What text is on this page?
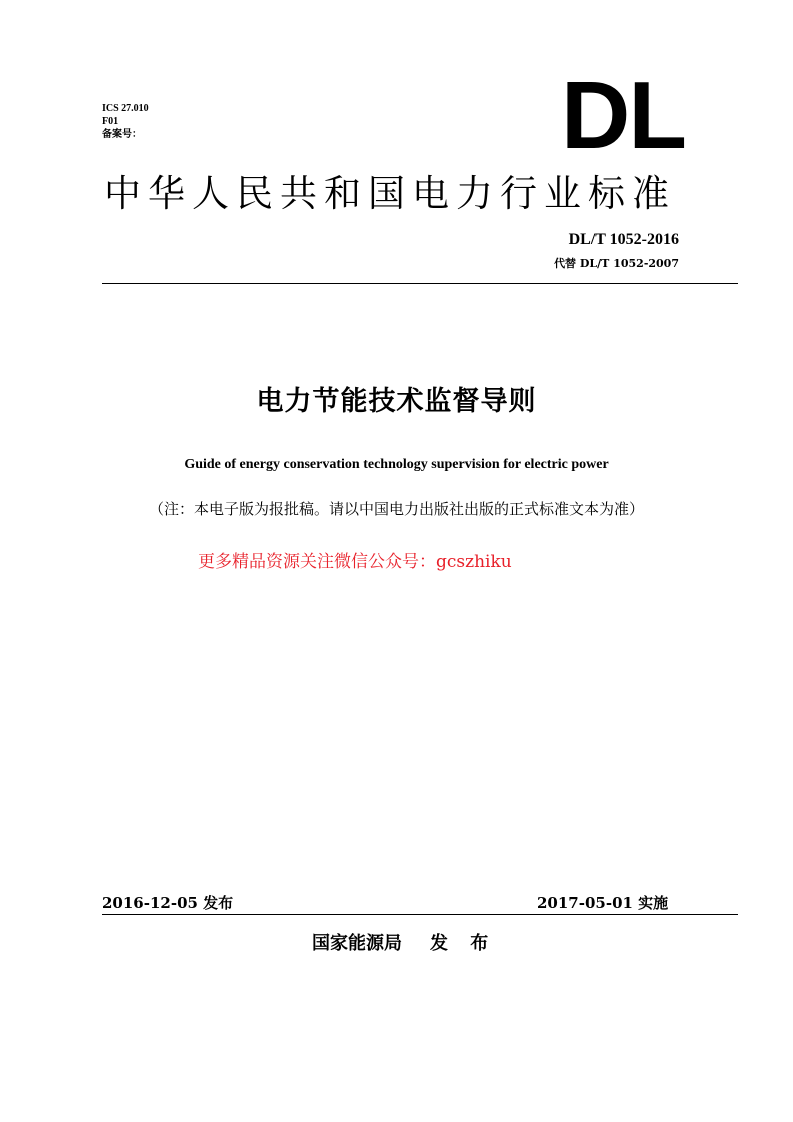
ICS 27.010
F01
备案号：	DL
中华人民共和国电力行业标准
DL/T 1052-2016
代替 DL/T 1052-2007
电力节能技术监督导则
Guide of energy conservation technology supervision for electric power
（注：本电子版为报批稿。请以中国电力出版社出版的正式标准文本为准）
更多精品资源关注微信公众号：gcszhiku
2016-12-05 发布	2017-05-01 实施
国家能源局 发 布
